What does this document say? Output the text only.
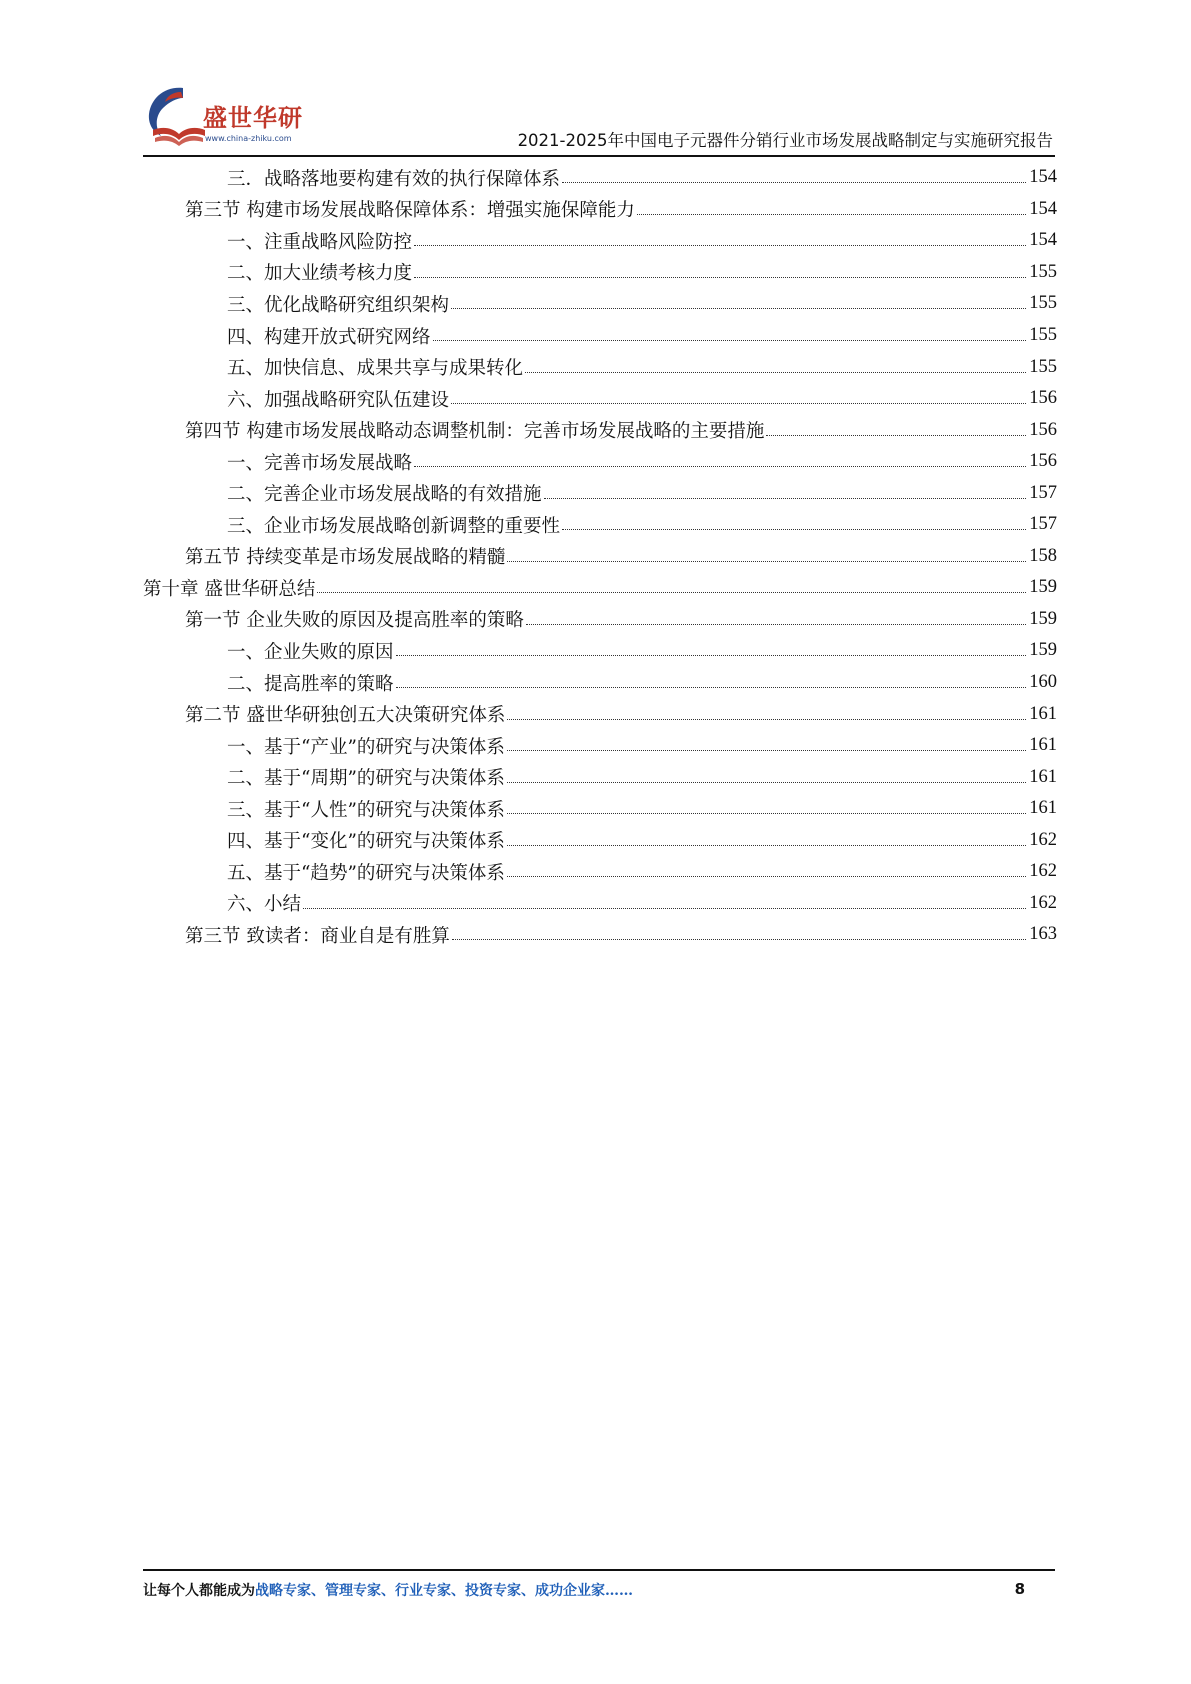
盛世华研
www.china-zhiku.com	2021-2025年中国电子元器件分销行业市场发展战略制定与实施研究报告
三．战略落地要构建有效的执行保障体系	154
第三节 构建市场发展战略保障体系：增强实施保障能力	154
一、注重战略风险防控	154
二、加大业绩考核力度	155
三、优化战略研究组织架构	155
四、构建开放式研究网络	155
五、加快信息、成果共享与成果转化	155
六、加强战略研究队伍建设	156
第四节 构建市场发展战略动态调整机制：完善市场发展战略的主要措施	156
一、完善市场发展战略	156
二、完善企业市场发展战略的有效措施	157
三、企业市场发展战略创新调整的重要性	157
第五节 持续变革是市场发展战略的精髓	158
第十章 盛世华研总结	159
第一节 企业失败的原因及提高胜率的策略	159
一、企业失败的原因	159
二、提高胜率的策略	160
第二节 盛世华研独创五大决策研究体系	161
一、基于“产业”的研究与决策体系	161
二、基于“周期”的研究与决策体系	161
三、基于“人性”的研究与决策体系	161
四、基于“变化”的研究与决策体系	162
五、基于“趋势”的研究与决策体系	162
六、小结	162
第三节 致读者：商业自是有胜算	163
让每个人都能成为战略专家、管理专家、行业专家、投资专家、成功企业家……	8
